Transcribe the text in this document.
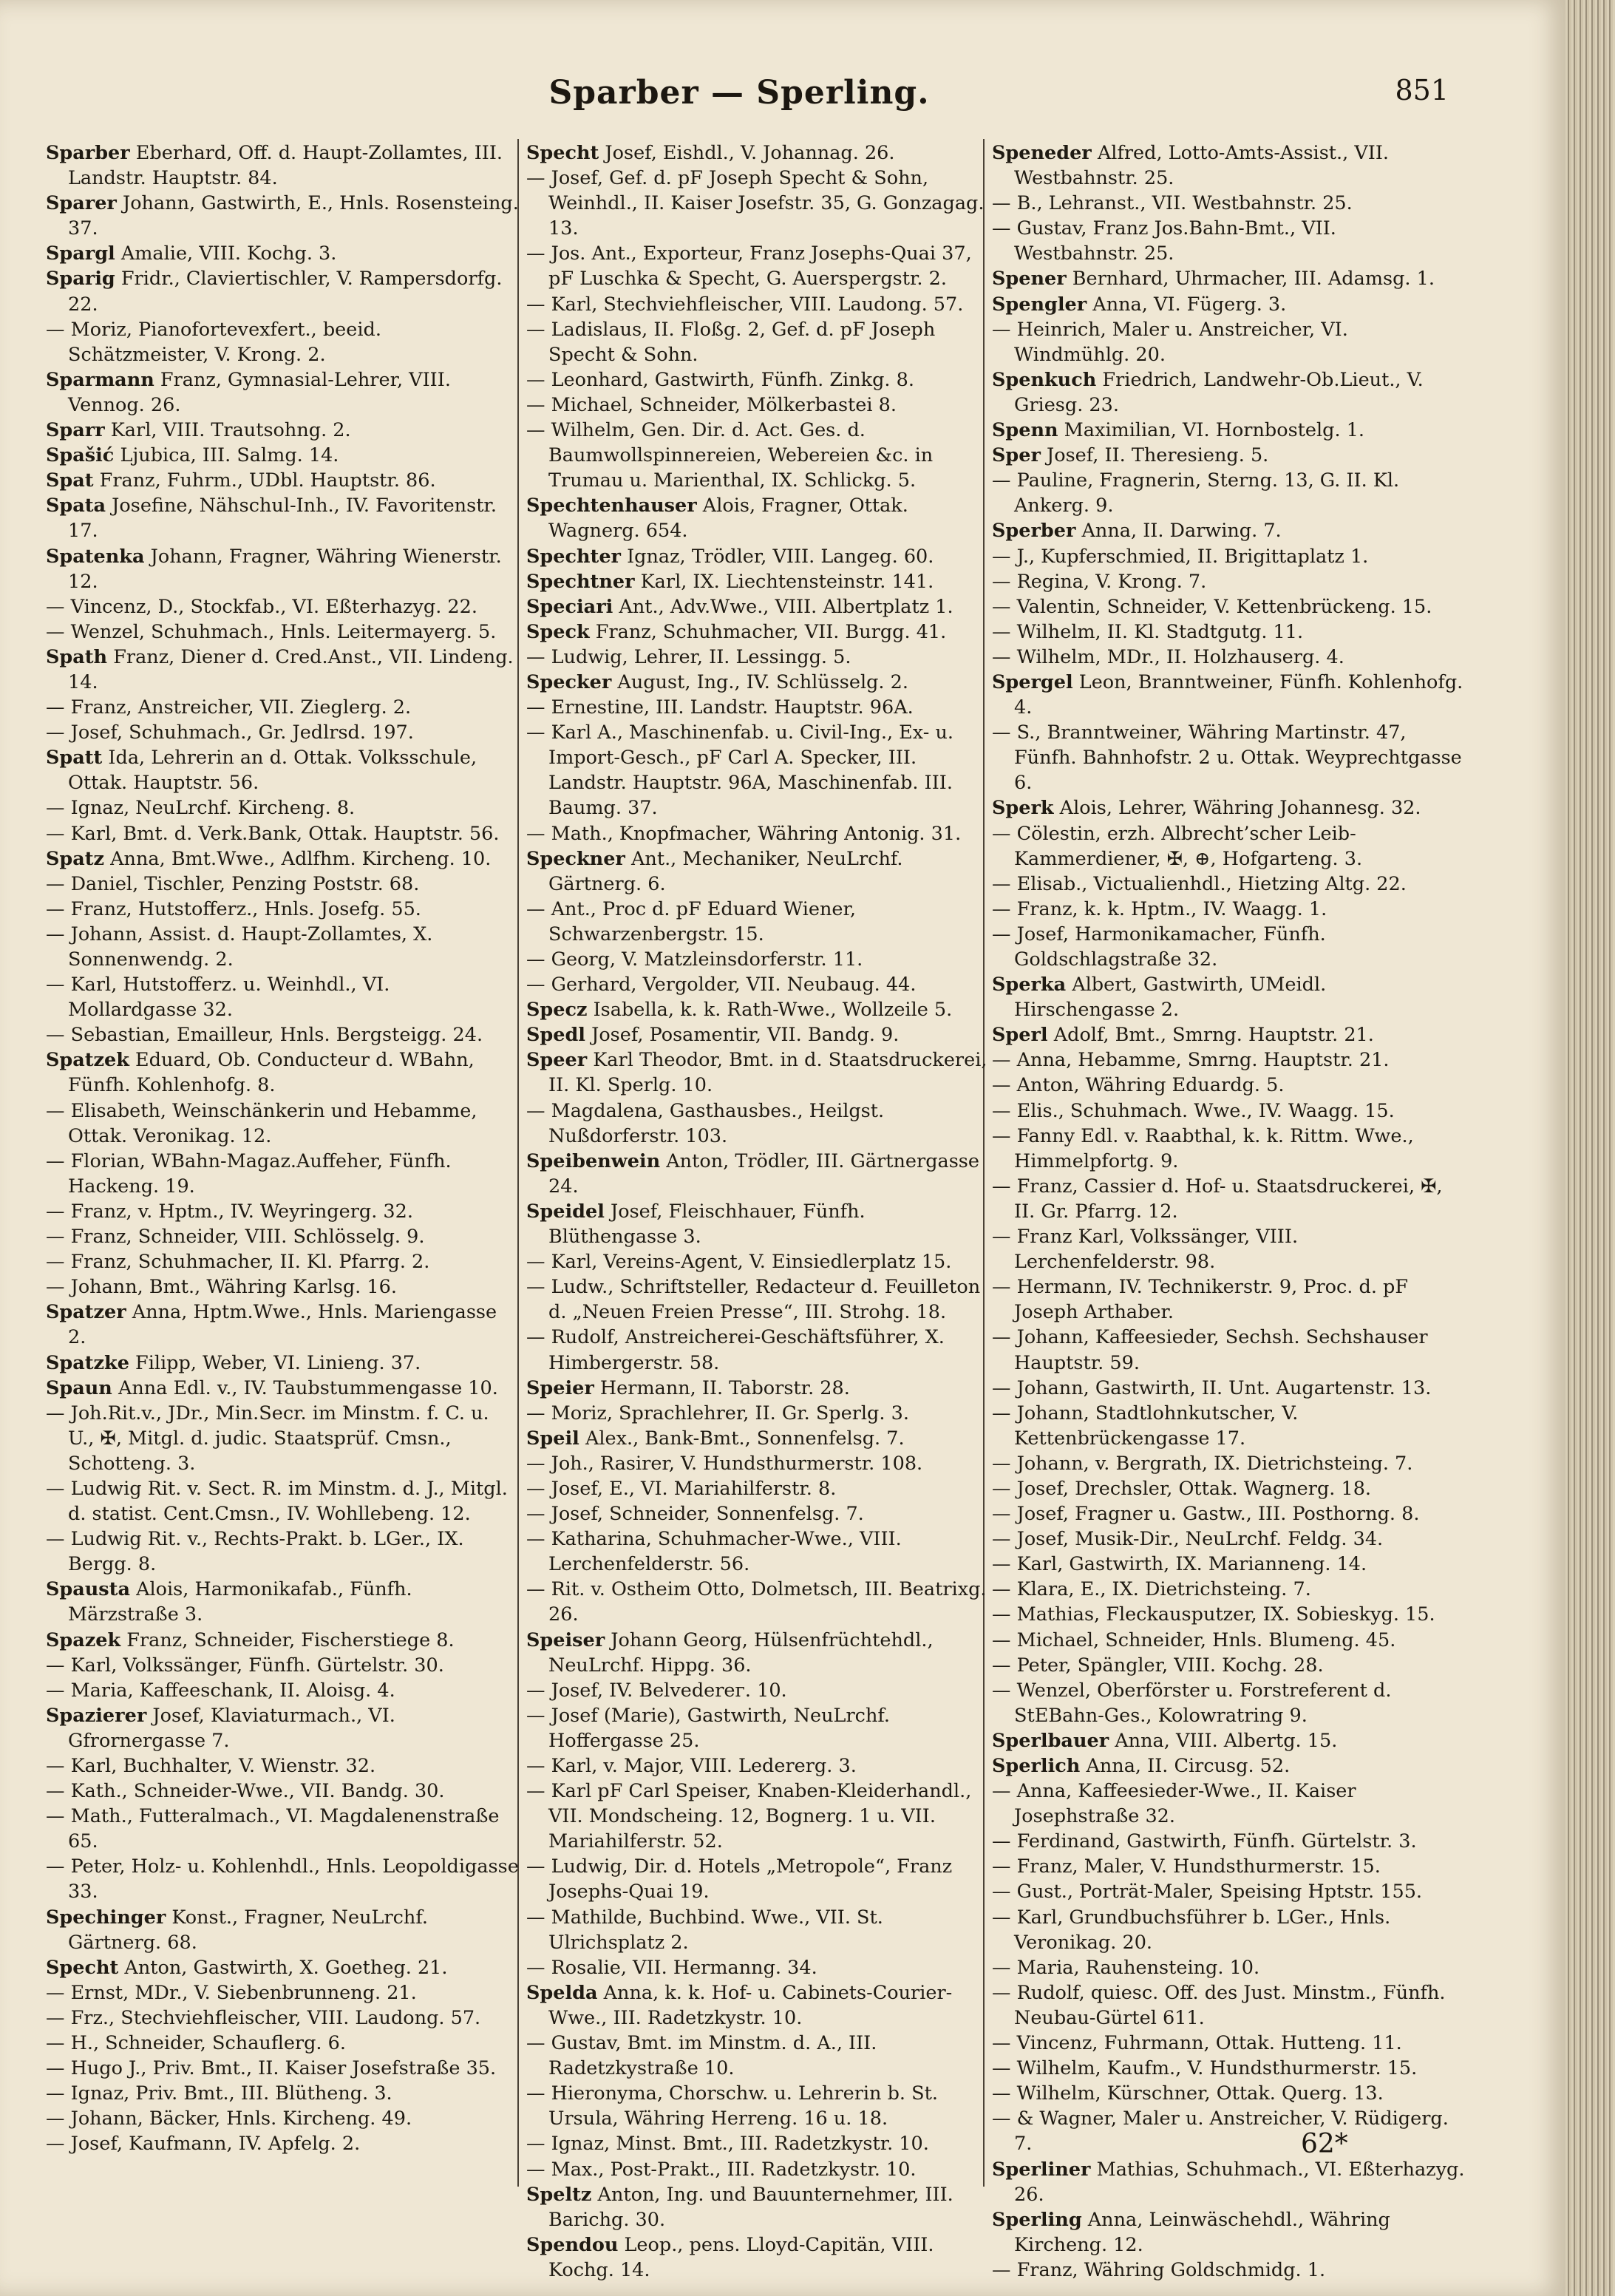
Sparber — Sperling.	851

Sparber Eberhard, Off. d. Haupt-Zollamtes, III. Landstr. Hauptstr. 84.

Sparer Johann, Gastwirth, E., Hnls. Rosensteing. 37.

Spargl Amalie, VIII. Kochg. 3.

Sparig Fridr., Claviertischler, V. Rampersdorfg. 22.

— Moriz, Pianofortevexfert., beeid. Schätzmeister, V. Krong. 2.

Sparmann Franz, Gymnasial-Lehrer, VIII. Vennog. 26.

Sparr Karl, VIII. Trautsohng. 2.

Spašić Ljubica, III. Salmg. 14.

Spat Franz, Fuhrm., UDbl. Hauptstr. 86.

Spata Josefine, Nähschul-Inh., IV. Favoritenstr. 17.

Spatenka Johann, Fragner, Währing Wienerstr. 12.

— Vincenz, D., Stockfab., VI. Eßterhazyg. 22.

— Wenzel, Schuhmach., Hnls. Leitermayerg. 5.

Spath Franz, Diener d. Cred.Anst., VII. Lindeng. 14.

— Franz, Anstreicher, VII. Zieglerg. 2.

— Josef, Schuhmach., Gr. Jedlrsd. 197.

Spatt Ida, Lehrerin an d. Ottak. Volksschule, Ottak. Hauptstr. 56.

— Ignaz, NeuLrchf. Kircheng. 8.

— Karl, Bmt. d. Verk.Bank, Ottak. Hauptstr. 56.

Spatz Anna, Bmt.Wwe., Adlfhm. Kircheng. 10.

— Daniel, Tischler, Penzing Poststr. 68.

— Franz, Hutstofferz., Hnls. Josefg. 55.

— Johann, Assist. d. Haupt-Zollamtes, X. Sonnenwendg. 2.

— Karl, Hutstofferz. u. Weinhdl., VI. Mollardgasse 32.

— Sebastian, Emailleur, Hnls. Bergsteigg. 24.

Spatzek Eduard, Ob. Conducteur d. WBahn, Fünfh. Kohlenhofg. 8.

— Elisabeth, Weinschänkerin und Hebamme, Ottak. Veronikag. 12.

— Florian, WBahn-Magaz.Auffeher, Fünfh. Hackeng. 19.

— Franz, v. Hptm., IV. Weyringerg. 32.

— Franz, Schneider, VIII. Schlösselg. 9.

— Franz, Schuhmacher, II. Kl. Pfarrg. 2.

— Johann, Bmt., Währing Karlsg. 16.

Spatzer Anna, Hptm.Wwe., Hnls. Mariengasse 2.

Spatzke Filipp, Weber, VI. Linieng. 37.

Spaun Anna Edl. v., IV. Taubstummengasse 10.

— Joh.Rit.v., JDr., Min.Secr. im Minstm. f. C. u. U., ✠, Mitgl. d. judic. Staatsprüf. Cmsn., Schotteng. 3.

— Ludwig Rit. v. Sect. R. im Minstm. d. J., Mitgl. d. statist. Cent.Cmsn., IV. Wohllebeng. 12.

— Ludwig Rit. v., Rechts-Prakt. b. LGer., IX. Bergg. 8.

Spausta Alois, Harmonikafab., Fünfh. Märzstraße 3.

Spazek Franz, Schneider, Fischerstiege 8.

— Karl, Volkssänger, Fünfh. Gürtelstr. 30.

— Maria, Kaffeeschank, II. Aloisg. 4.

Spazierer Josef, Klaviaturmach., VI. Gfrornergasse 7.

— Karl, Buchhalter, V. Wienstr. 32.

— Kath., Schneider-Wwe., VII. Bandg. 30.

— Math., Futteralmach., VI. Magdalenenstraße 65.

— Peter, Holz- u. Kohlenhdl., Hnls. Leopoldigasse 33.

Spechinger Konst., Fragner, NeuLrchf. Gärtnerg. 68.

Specht Anton, Gastwirth, X. Goetheg. 21.

— Ernst, MDr., V. Siebenbrunneng. 21.

— Frz., Stechviehfleischer, VIII. Laudong. 57.

— H., Schneider, Schauflerg. 6.

— Hugo J., Priv. Bmt., II. Kaiser Josefstraße 35.

— Ignaz, Priv. Bmt., III. Blütheng. 3.

— Johann, Bäcker, Hnls. Kircheng. 49.

— Josef, Kaufmann, IV. Apfelg. 2.

Specht Josef, Eishdl., V. Johannag. 26.

— Josef, Gef. d. pF Joseph Specht & Sohn, Weinhdl., II. Kaiser Josefstr. 35, G. Gonzagag. 13.

— Jos. Ant., Exporteur, Franz Josephs-Quai 37, pF Luschka & Specht, G. Auerspergstr. 2.

— Karl, Stechviehfleischer, VIII. Laudong. 57.

— Ladislaus, II. Floßg. 2, Gef. d. pF Joseph Specht & Sohn.

— Leonhard, Gastwirth, Fünfh. Zinkg. 8.

— Michael, Schneider, Mölkerbastei 8.

— Wilhelm, Gen. Dir. d. Act. Ges. d. Baumwollspinnereien, Webereien &c. in Trumau u. Marienthal, IX. Schlickg. 5.

Spechtenhauser Alois, Fragner, Ottak. Wagnerg. 654.

Spechter Ignaz, Trödler, VIII. Langeg. 60.

Spechtner Karl, IX. Liechtensteinstr. 141.

Speciari Ant., Adv.Wwe., VIII. Albertplatz 1.

Speck Franz, Schuhmacher, VII. Burgg. 41.

— Ludwig, Lehrer, II. Lessingg. 5.

Specker August, Ing., IV. Schlüsselg. 2.

— Ernestine, III. Landstr. Hauptstr. 96A.

— Karl A., Maschinenfab. u. Civil-Ing., Ex- u. Import-Gesch., pF Carl A. Specker, III. Landstr. Hauptstr. 96A, Maschinenfab. III. Baumg. 37.

— Math., Knopfmacher, Währing Antonig. 31.

Speckner Ant., Mechaniker, NeuLrchf. Gärtnerg. 6.

— Ant., Proc d. pF Eduard Wiener, Schwarzenbergstr. 15.

— Georg, V. Matzleinsdorferstr. 11.

— Gerhard, Vergolder, VII. Neubaug. 44.

Specz Isabella, k. k. Rath-Wwe., Wollzeile 5.

Spedl Josef, Posamentir, VII. Bandg. 9.

Speer Karl Theodor, Bmt. in d. Staatsdruckerei, II. Kl. Sperlg. 10.

— Magdalena, Gasthausbes., Heilgst. Nußdorferstr. 103.

Speibenwein Anton, Trödler, III. Gärtnergasse 24.

Speidel Josef, Fleischhauer, Fünfh. Blüthengasse 3.

— Karl, Vereins-Agent, V. Einsiedlerplatz 15.

— Ludw., Schriftsteller, Redacteur d. Feuilleton d. „Neuen Freien Presse“, III. Strohg. 18.

— Rudolf, Anstreicherei-Geschäftsführer, X. Himbergerstr. 58.

Speier Hermann, II. Taborstr. 28.

— Moriz, Sprachlehrer, II. Gr. Sperlg. 3.

Speil Alex., Bank-Bmt., Sonnenfelsg. 7.

— Joh., Rasirer, V. Hundsthurmerstr. 108.

— Josef, E., VI. Mariahilferstr. 8.

— Josef, Schneider, Sonnenfelsg. 7.

— Katharina, Schuhmacher-Wwe., VIII. Lerchenfelderstr. 56.

— Rit. v. Ostheim Otto, Dolmetsch, III. Beatrixg. 26.

Speiser Johann Georg, Hülsenfrüchtehdl., NeuLrchf. Hippg. 36.

— Josef, IV. Belvederег. 10.

— Josef (Marie), Gastwirth, NeuLrchf. Hoffergasse 25.

— Karl, v. Major, VIII. Ledererg. 3.

— Karl pF Carl Speiser, Knaben-Kleiderhandl., VII. Mondscheing. 12, Bognerg. 1 u. VII. Mariahilferstr. 52.

— Ludwig, Dir. d. Hotels „Metropole“, Franz Josephs-Quai 19.

— Mathilde, Buchbind. Wwe., VII. St. Ulrichsplatz 2.

— Rosalie, VII. Hermanng. 34.

Spelda Anna, k. k. Hof- u. Cabinets-Courier-Wwe., III. Radetzkystr. 10.

— Gustav, Bmt. im Minstm. d. A., III. Radetzkystraße 10.

— Hieronyma, Chorschw. u. Lehrerin b. St. Ursula, Währing Herreng. 16 u. 18.

— Ignaz, Minst. Bmt., III. Radetzkystr. 10.

— Max., Post-Prakt., III. Radetzkystr. 10.

Speltz Anton, Ing. und Bauunternehmer, III. Barichg. 30.

Spendou Leop., pens. Lloyd-Capitän, VIII. Kochg. 14.

Speneder Alfred, Lotto-Amts-Assist., VII. Westbahnstr. 25.

— B., Lehranst., VII. Westbahnstr. 25.

— Gustav, Franz Jos.Bahn-Bmt., VII. Westbahnstr. 25.

Spener Bernhard, Uhrmacher, III. Adamsg. 1.

Spengler Anna, VI. Fügerg. 3.

— Heinrich, Maler u. Anstreicher, VI. Windmühlg. 20.

Spenkuch Friedrich, Landwehr-Ob.Lieut., V. Griesg. 23.

Spenn Maximilian, VI. Hornbostelg. 1.

Sper Josef, II. Theresieng. 5.

— Pauline, Fragnerin, Sterng. 13, G. II. Kl. Ankerg. 9.

Sperber Anna, II. Darwing. 7.

— J., Kupferschmied, II. Brigittaplatz 1.

— Regina, V. Krong. 7.

— Valentin, Schneider, V. Kettenbrückeng. 15.

— Wilhelm, II. Kl. Stadtgutg. 11.

— Wilhelm, MDr., II. Holzhauserg. 4.

Spergel Leon, Branntweiner, Fünfh. Kohlenhofg. 4.

— S., Branntweiner, Währing Martinstr. 47, Fünfh. Bahnhofstr. 2 u. Ottak. Weyprechtgasse 6.

Sperk Alois, Lehrer, Währing Johannesg. 32.

— Cölestin, erzh. Albrecht’scher Leib-Kammerdiener, ✠, ⊕, Hofgarteng. 3.

— Elisab., Victualienhdl., Hietzing Altg. 22.

— Franz, k. k. Hptm., IV. Waagg. 1.

— Josef, Harmonikamacher, Fünfh. Goldschlagstraße 32.

Sperka Albert, Gastwirth, UMeidl. Hirschengasse 2.

Sperl Adolf, Bmt., Smrng. Hauptstr. 21.

— Anna, Hebamme, Smrng. Hauptstr. 21.

— Anton, Währing Eduardg. 5.

— Elis., Schuhmach. Wwe., IV. Waagg. 15.

— Fanny Edl. v. Raabthal, k. k. Rittm. Wwe., Himmelpfortg. 9.

— Franz, Cassier d. Hof- u. Staatsdruckerei, ✠, II. Gr. Pfarrg. 12.

— Franz Karl, Volkssänger, VIII. Lerchenfelderstr. 98.

— Hermann, IV. Technikerstr. 9, Proc. d. pF Joseph Arthaber.

— Johann, Kaffeesieder, Sechsh. Sechshauser Hauptstr. 59.

— Johann, Gastwirth, II. Unt. Augartenstr. 13.

— Johann, Stadtlohnkutscher, V. Kettenbrückengasse 17.

— Johann, v. Bergrath, IX. Dietrichsteing. 7.

— Josef, Drechsler, Ottak. Wagnerg. 18.

— Josef, Fragner u. Gastw., III. Posthorng. 8.

— Josef, Musik-Dir., NeuLrchf. Feldg. 34.

— Karl, Gastwirth, IX. Marianneng. 14.

— Klara, E., IX. Dietrichsteing. 7.

— Mathias, Fleckausputzer, IX. Sobieskyg. 15.

— Michael, Schneider, Hnls. Blumeng. 45.

— Peter, Spängler, VIII. Kochg. 28.

— Wenzel, Oberförster u. Forstreferent d. StEBahn-Ges., Kolowratring 9.

Sperlbauer Anna, VIII. Albertg. 15.

Sperlich Anna, II. Circusg. 52.

— Anna, Kaffeesieder-Wwe., II. Kaiser Josephstraße 32.

— Ferdinand, Gastwirth, Fünfh. Gürtelstr. 3.

— Franz, Maler, V. Hundsthurmerstr. 15.

— Gust., Porträt-Maler, Speising Hptstr. 155.

— Karl, Grundbuchsführer b. LGer., Hnls. Veronikag. 20.

— Maria, Rauhensteing. 10.

— Rudolf, quiesc. Off. des Just. Minstm., Fünfh. Neubau-Gürtel 611.

— Vincenz, Fuhrmann, Ottak. Hutteng. 11.

— Wilhelm, Kaufm., V. Hundsthurmerstr. 15.

— Wilhelm, Kürschner, Ottak. Querg. 13.

— & Wagner, Maler u. Anstreicher, V. Rüdigerg. 7.

Sperliner Mathias, Schuhmach., VI. Eßterhazyg. 26.

Sperling Anna, Leinwäschehdl., Währing Kircheng. 12.

— Franz, Währing Goldschmidg. 1.

62*
